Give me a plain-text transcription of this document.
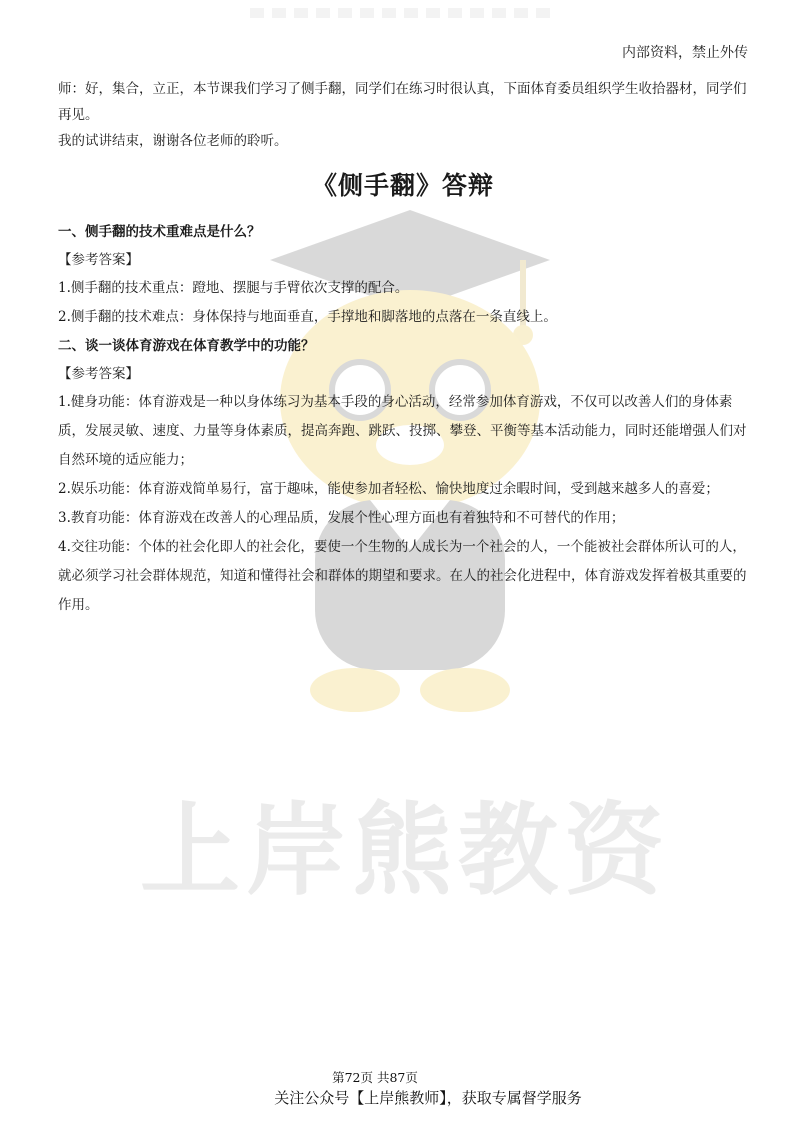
上岸熊教资
内部资料，禁止外传

师：好，集合，立正，本节课我们学习了侧手翻，同学们在练习时很认真，下面体育委员组织学生收拾器材，同学们再见。

我的试讲结束，谢谢各位老师的聆听。

《侧手翻》答辩

一、侧手翻的技术重难点是什么？

【参考答案】

1.侧手翻的技术重点：蹬地、摆腿与手臂依次支撑的配合。

2.侧手翻的技术难点：身体保持与地面垂直，手撑地和脚落地的点落在一条直线上。

二、谈一谈体育游戏在体育教学中的功能？

【参考答案】

1.健身功能：体育游戏是一种以身体练习为基本手段的身心活动，经常参加体育游戏，不仅可以改善人们的身体素质，发展灵敏、速度、力量等身体素质，提高奔跑、跳跃、投掷、攀登、平衡等基本活动能力，同时还能增强人们对自然环境的适应能力；

2.娱乐功能：体育游戏简单易行，富于趣味，能使参加者轻松、愉快地度过余暇时间，受到越来越多人的喜爱；

3.教育功能：体育游戏在改善人的心理品质，发展个性心理方面也有着独特和不可替代的作用；

4.交往功能：个体的社会化即人的社会化，要使一个生物的人成长为一个社会的人，一个能被社会群体所认可的人，就必须学习社会群体规范，知道和懂得社会和群体的期望和要求。在人的社会化进程中，体育游戏发挥着极其重要的作用。

第72页 共87页
关注公众号【上岸熊教师】，获取专属督学服务
